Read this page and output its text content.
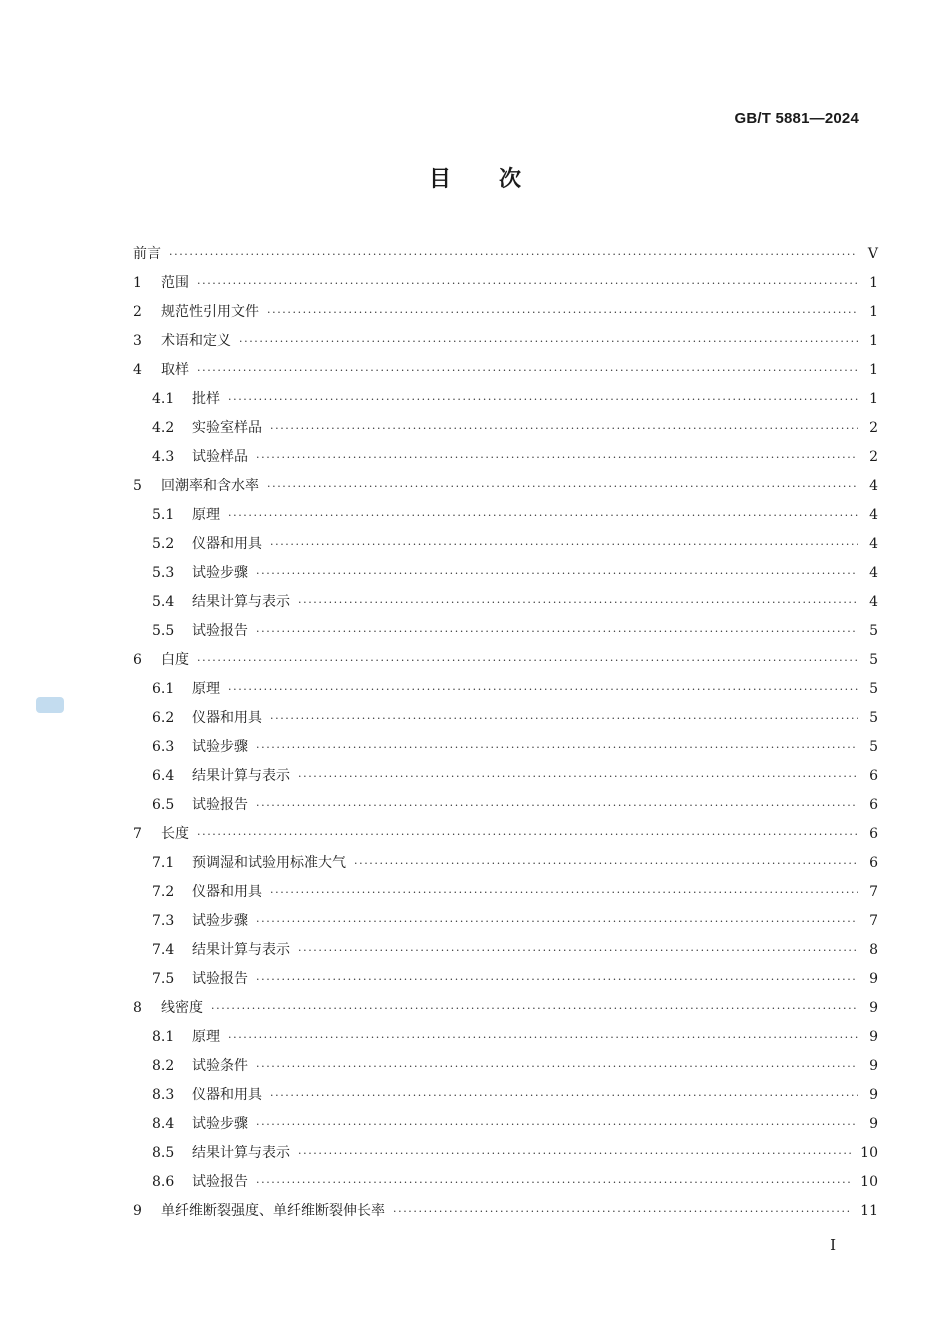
GB/T 5881—2024
目 次
前言 ·····	Ⅴ
1	范围 ·····	1
2	规范性引用文件 ·····	1
3	术语和定义 ·····	1
4	取样 ·····	1
4.1	批样 ·····	1
4.2	实验室样品 ·····	2
4.3	试验样品 ·····	2
5	回潮率和含水率 ·····	4
5.1	原理 ·····	4
5.2	仪器和用具 ·····	4
5.3	试验步骤 ·····	4
5.4	结果计算与表示 ·····	4
5.5	试验报告 ·····	5
6	白度 ·····	5
6.1	原理 ·····	5
6.2	仪器和用具 ·····	5
6.3	试验步骤 ·····	5
6.4	结果计算与表示 ·····	6
6.5	试验报告 ·····	6
7	长度 ·····	6
7.1	预调湿和试验用标准大气 ·····	6
7.2	仪器和用具 ·····	7
7.3	试验步骤 ·····	7
7.4	结果计算与表示 ·····	8
7.5	试验报告 ·····	9
8	线密度 ·····	9
8.1	原理 ·····	9
8.2	试验条件 ·····	9
8.3	仪器和用具 ·····	9
8.4	试验步骤 ·····	9
8.5	结果计算与表示 ·····	10
8.6	试验报告 ·····	10
9	单纤维断裂强度、单纤维断裂伸长率 ·····	11
Ⅰ
